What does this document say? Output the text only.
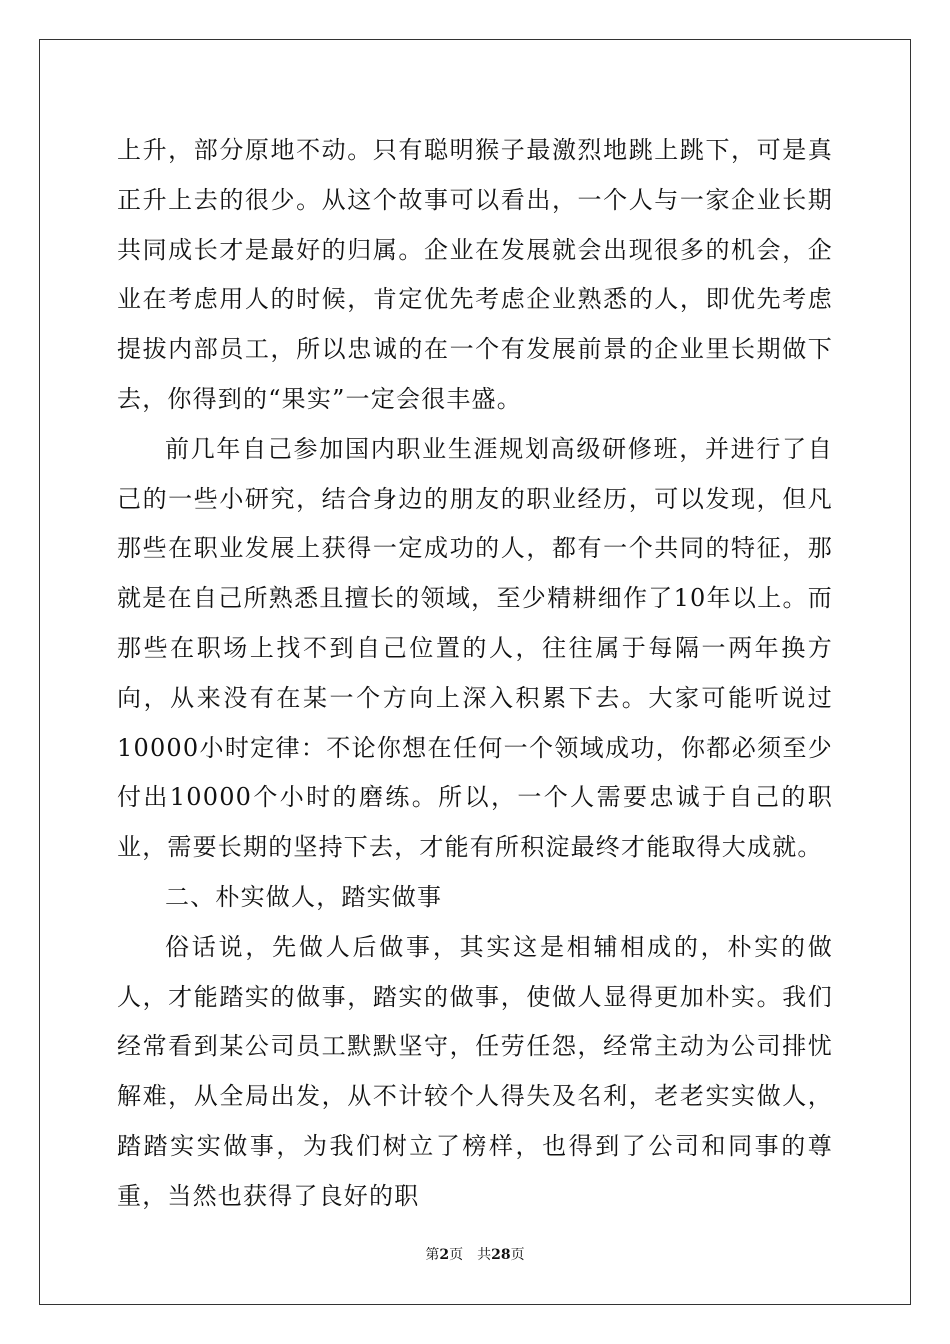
上升，部分原地不动。只有聪明猴子最激烈地跳上跳下，可是真正升上去的很少。从这个故事可以看出，一个人与一家企业长期共同成长才是最好的归属。企业在发展就会出现很多的机会，企业在考虑用人的时候，肯定优先考虑企业熟悉的人，即优先考虑提拔内部员工，所以忠诚的在一个有发展前景的企业里长期做下去，你得到的“果实”一定会很丰盛。

前几年自己参加国内职业生涯规划高级研修班，并进行了自己的一些小研究，结合身边的朋友的职业经历，可以发现，但凡那些在职业发展上获得一定成功的人，都有一个共同的特征，那就是在自己所熟悉且擅长的领域，至少精耕细作了10年以上。而那些在职场上找不到自己位置的人，往往属于每隔一两年换方向，从来没有在某一个方向上深入积累下去。大家可能听说过10000小时定律：不论你想在任何一个领域成功，你都必须至少付出10000个小时的磨练。所以，一个人需要忠诚于自己的职业，需要长期的坚持下去，才能有所积淀最终才能取得大成就。

二、朴实做人，踏实做事

俗话说，先做人后做事，其实这是相辅相成的，朴实的做人，才能踏实的做事，踏实的做事，使做人显得更加朴实。我们经常看到某公司员工默默坚守，任劳任怨，经常主动为公司排忧解难，从全局出发，从不计较个人得失及名利，老老实实做人，踏踏实实做事，为我们树立了榜样，也得到了公司和同事的尊重，当然也获得了良好的职

第2页 共28页
